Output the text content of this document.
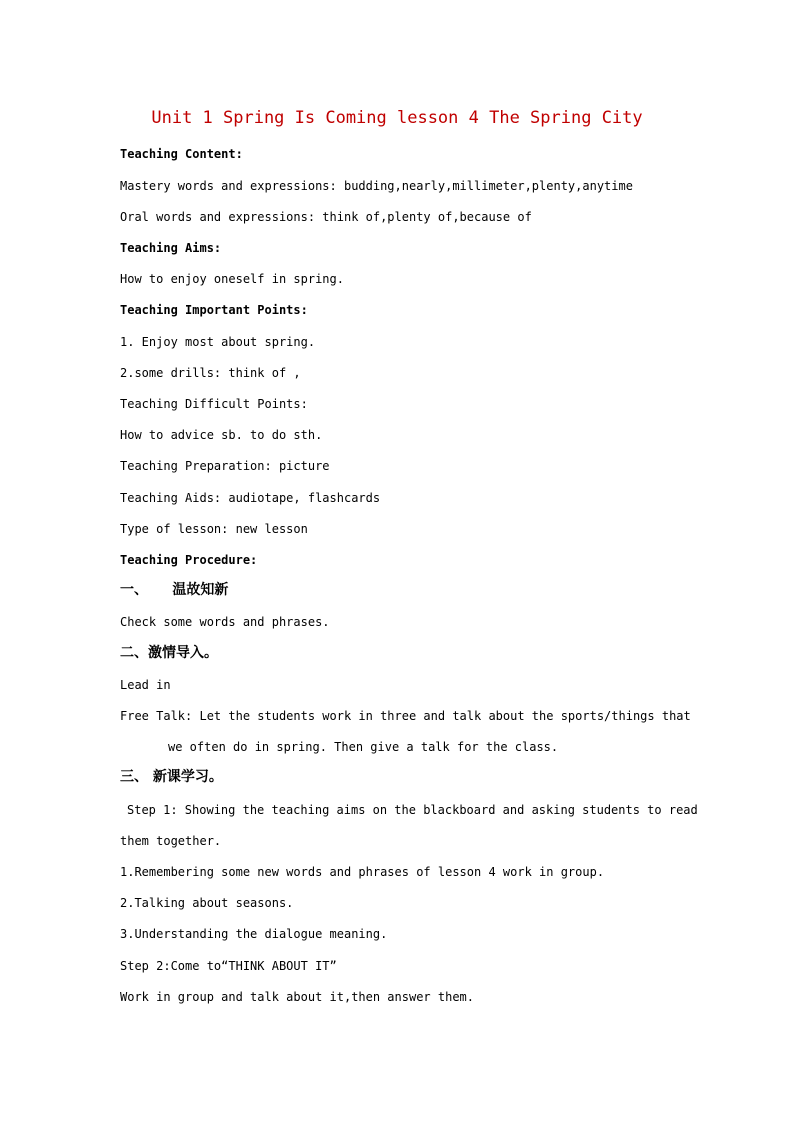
Unit 1 Spring Is Coming lesson 4 The Spring City
Teaching Content:
Mastery words and expressions: budding,nearly,millimeter,plenty,anytime
Oral words and expressions: think of,plenty of,because of
Teaching Aims:
How to enjoy oneself in spring.
Teaching Important Points:
1. Enjoy most about spring.
2.some drills: think of ,
Teaching Difficult Points:
How to advice sb. to do sth.
Teaching Preparation: picture
Teaching Aids: audiotape, flashcards
Type of lesson: new lesson
Teaching Procedure:
一、     温故知新
Check some words and phrases.
二、激情导入。
Lead in
Free Talk: Let the students work in three and talk about the sports/things that
we often do in spring. Then give a talk for the class.
三、 新课学习。
Step 1: Showing the teaching aims on the blackboard and asking students to read
them together.
1.Remembering some new words and phrases of lesson 4 work in group.
2.Talking about seasons.
3.Understanding the dialogue meaning.
Step 2:Come to“THINK ABOUT IT”
Work in group and talk about it,then answer them.
